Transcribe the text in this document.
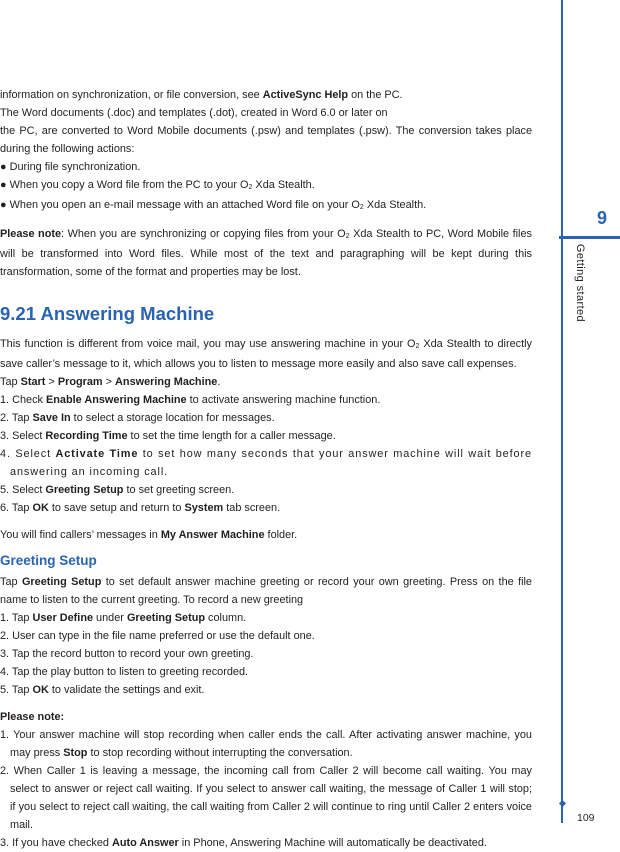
9
Getting started
109

information on synchronization, or file conversion, see ActiveSync Help on the PC.

The Word documents (.doc) and templates (.dot), created in Word 6.0 or later on

the PC, are converted to Word Mobile documents (.psw) and templates (.psw). The conversion takes place during the following actions:

● During file synchronization.

● When you copy a Word file from the PC to your $O_2$ Xda Stealth.

● When you open an e-mail message with an attached Word file on your $O_2$ Xda Stealth.

Please note: When you are synchronizing or copying files from your $O_2$ Xda Stealth to PC, Word Mobile files will be transformed into Word files. While most of the text and paragraphing will be kept during this transformation, some of the format and properties may be lost.

9.21 Answering Machine

This function is different from voice mail, you may use answering machine in your $O_2$ Xda Stealth to directly save caller’s message to it, which allows you to listen to message more easily and also save call expenses.

Tap Start > Program > Answering Machine.

1. Check Enable Answering Machine to activate answering machine function.

2. Tap Save In to select a storage location for messages.

3. Select Recording Time to set the time length for a caller message.

4. Select Activate Time to set how many seconds that your answer machine will wait before answering an incoming call.

5. Select Greeting Setup to set greeting screen.

6. Tap OK to save setup and return to System tab screen.

You will find callers’ messages in My Answer Machine folder.

Greeting Setup

Tap Greeting Setup to set default answer machine greeting or record your own greeting. Press on the file name to listen to the current greeting. To record a new greeting

1. Tap User Define under Greeting Setup column.

2. User can type in the file name preferred or use the default one.

3. Tap the record button to record your own greeting.

4. Tap the play button to listen to greeting recorded.

5. Tap OK to validate the settings and exit.

Please note:

1. Your answer machine will stop recording when caller ends the call. After activating answer machine, you may press Stop to stop recording without interrupting the conversation.

2. When Caller 1 is leaving a message, the incoming call from Caller 2 will become call waiting. You may select to answer or reject call waiting. If you select to answer call waiting, the message of Caller 1 will stop; if you select to reject call waiting, the call waiting from Caller 2 will continue to ring until Caller 2 enters voice mail.

3. If you have checked Auto Answer in Phone, Answering Machine will automatically be deactivated.
